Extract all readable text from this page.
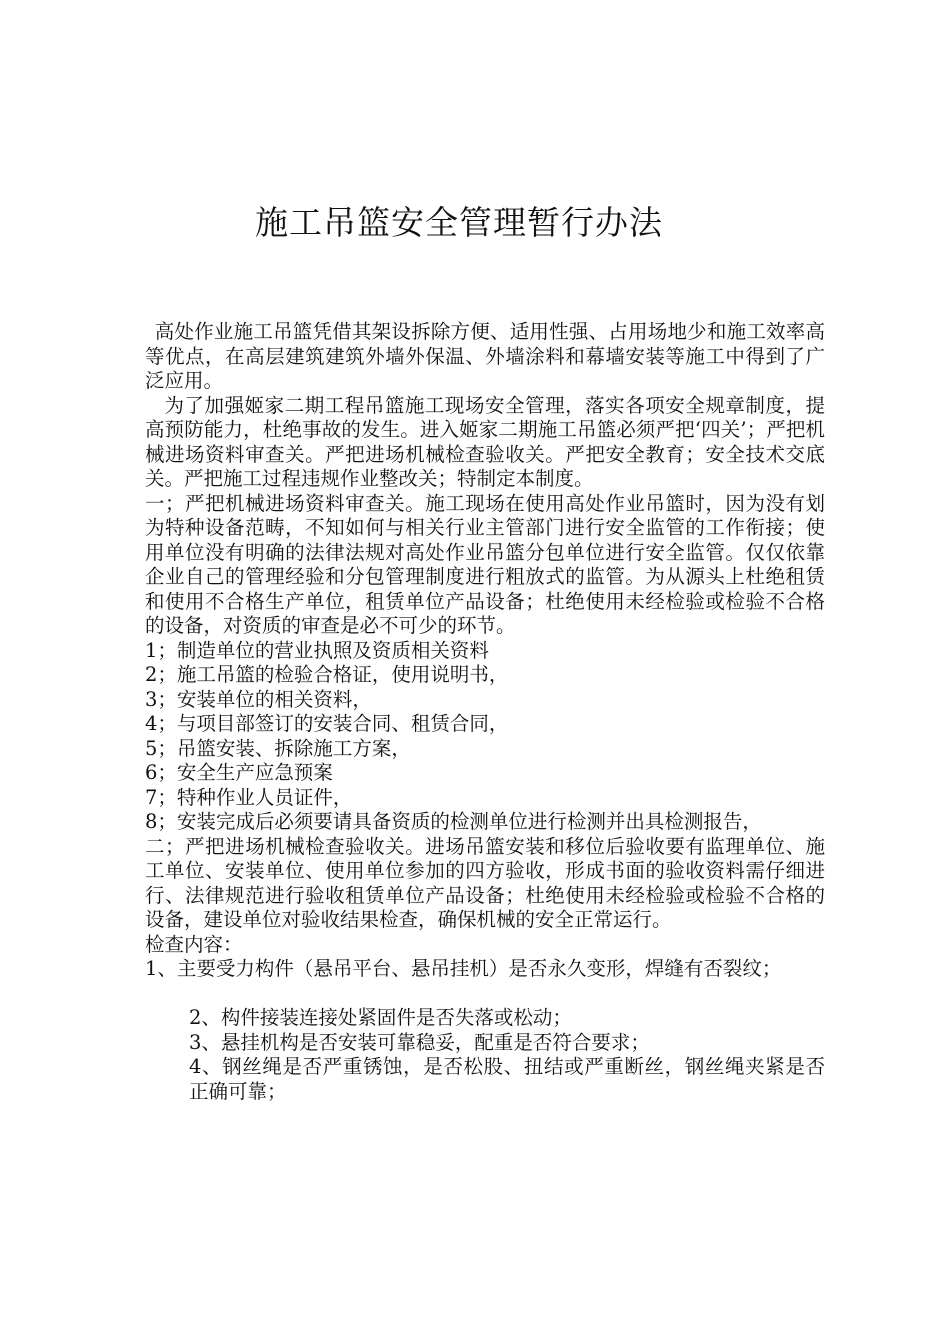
施工吊篮安全管理暂行办法

高处作业施工吊篮凭借其架设拆除方便、适用性强、占用场地少和施工效率高等优点，在高层建筑建筑外墙外保温、外墙涂料和幕墙安装等施工中得到了广泛应用。

为了加强姬家二期工程吊篮施工现场安全管理，落实各项安全规章制度，提高预防能力，杜绝事故的发生。进入姬家二期施工吊篮必须严把‘四关’；严把机械进场资料审查关。严把进场机械检查验收关。严把安全教育；安全技术交底关。严把施工过程违规作业整改关；特制定本制度。

一；严把机械进场资料审查关。施工现场在使用高处作业吊篮时，因为没有划为特种设备范畴，不知如何与相关行业主管部门进行安全监管的工作衔接；使用单位没有明确的法律法规对高处作业吊篮分包单位进行安全监管。仅仅依靠企业自己的管理经验和分包管理制度进行粗放式的监管。为从源头上杜绝租赁和使用不合格生产单位，租赁单位产品设备；杜绝使用未经检验或检验不合格的设备，对资质的审查是必不可少的环节。

1；制造单位的营业执照及资质相关资料

2；施工吊篮的检验合格证，使用说明书，

3；安装单位的相关资料，

4；与项目部签订的安装合同、租赁合同，

5；吊篮安装、拆除施工方案，

6；安全生产应急预案

7；特种作业人员证件，

8；安装完成后必须要请具备资质的检测单位进行检测并出具检测报告，

二；严把进场机械检查验收关。进场吊篮安装和移位后验收要有监理单位、施工单位、安装单位、使用单位参加的四方验收，形成书面的验收资料需仔细进行、法律规范进行验收租赁单位产品设备；杜绝使用未经检验或检验不合格的设备，建设单位对验收结果检查，确保机械的安全正常运行。

检查内容：

1、主要受力构件（悬吊平台、悬吊挂机）是否永久变形，焊缝有否裂纹；

2、构件接装连接处紧固件是否失落或松动；

3、悬挂机构是否安装可靠稳妥，配重是否符合要求；

4、钢丝绳是否严重锈蚀，是否松股、扭结或严重断丝，钢丝绳夹紧是否正确可靠；
